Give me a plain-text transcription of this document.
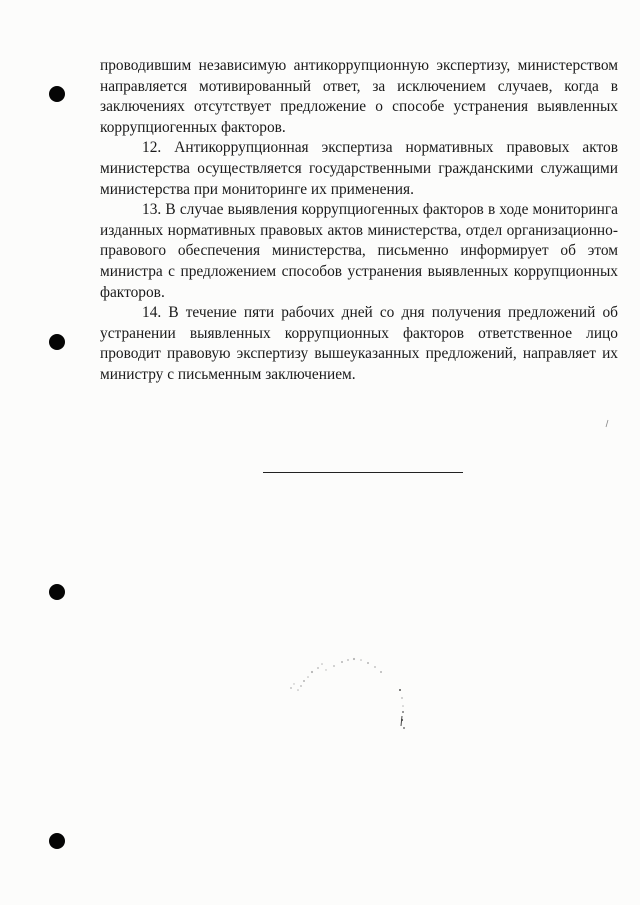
проводившим независимую антикоррупционную экспертизу, министерством направляется мотивированный ответ, за исключением случаев, когда в заключениях отсутствует предложение о способе устранения выявленных коррупциогенных факторов.

12. Антикоррупционная экспертиза нормативных правовых актов министерства осуществляется государственными гражданскими служащими министерства при мониторинге их применения.

13. В случае выявления коррупциогенных факторов в ходе мониторинга изданных нормативных правовых актов министерства, отдел организационно-правового обеспечения министерства, письменно информирует об этом министра с предложением способов устранения выявленных коррупционных факторов.

14. В течение пяти рабочих дней со дня получения предложений об устранении выявленных коррупционных факторов ответственное лицо проводит правовую экспертизу вышеуказанных предложений, направляет их министру с письменным заключением.
